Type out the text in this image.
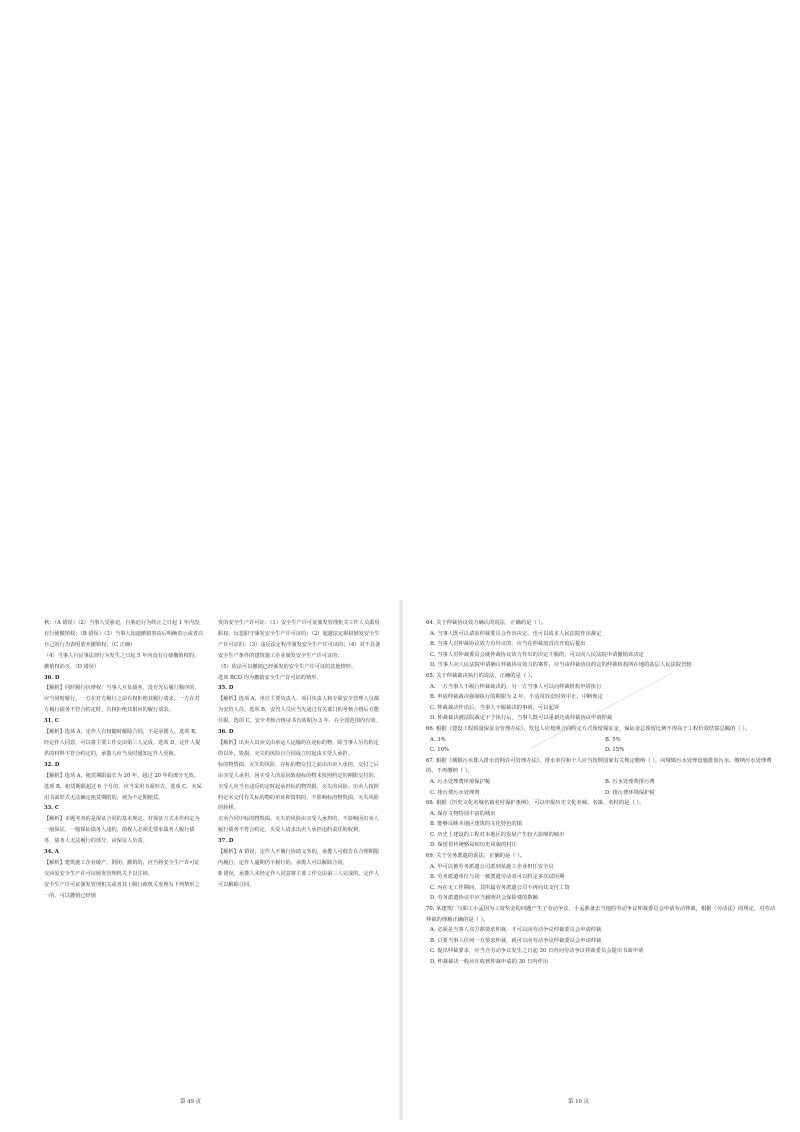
秋：（A 错误）（2）当事人受胁迫，自胁迫行为终止之日起 1 年内没有行使撤销权；（B 错误）（3）当事人知道撤销事由后明确表示或者以自己的行为表明放弃撤销权；（C 正确）

（4）当事人自民事法律行为发生之日起 5 年内没有行使撤销权的，撤销权消灭。（D 错误）

30. D

【解析】同时履行抗辩权：当事人互负债务，没有先后履行顺序的，应当同时履行。一方在对方履行之前有权拒绝其履行请求。一方在对方履行债务不符合约定时，有权拒绝其相应的履行请求。

31. C

【解析】选项 A，定作人有权随时解除合同，不是承揽人。选项 B，经定作人同意，可以将主要工作交由第三人完成。选项 D，定作人提供的材料不符合约定的，承揽人应当及时通知定作人更换。

32. D

【解析】选项 A，租赁期限最长为 20 年，超过 20 年的部分无效。选项 B，租赁期限超过 6 个月的，应当采用书面形式。选项 C，未采用书面形式无法确定租赁期限的，视为不定期租赁。

33. C

【解析】本题考查的是保证合同的基本规定。对保证方式未作约定为一般保证。一般保证债务人违约，债权人必须先要求债务人履行债务，债务人无法履行的部分，由保证人负责。

34. A

【解析】建筑施工企业破产、倒闭、撤销的，应当将安全生产许可证交回原安全生产许可证颁发管理机关予以注销。

安全生产许可证颁发管理机关或者其上级行政机关发现有下列情形之一的，可以撤销已经颁

发的安全生产许可证：（1）安全生产许可证颁发管理机关工作人员滥用职权、玩忽职守颁发安全生产许可证的；（2）超越法定职权颁发安全生产许可证的；（3）违反法定程序颁发安全生产许可证的；（4）对不具备安全生产条件的建筑施工企业颁发安全生产许可证的；

（5）依法可以撤销已经颁发的安全生产许可证的其他情形。

选项 BCD 均为撤销安全生产许可证的情形。

35. D

【解析】选项 A，单位主要负责人、项目负责人和专职安全管理人员都为安管人员。选项 B，安管人员应当先通过有关部门的考核合格后方能任职。选项 C，安全考核合格证书有效期为 3 年，在全国范围内有效。

36. D

【解析】出卖人出卖交由承运人运输的在途标的物，除当事人另有约定的以外，毁损、灭失的风险自合同成立时起由买受人承担。

标的物毁损、灭失的风险，在标的物交付之前由出卖人承担，交付之后由买受人承担。因买受人的原因致使标的物未按照约定的期限交付的，买受人应当自违反约定时起承担标的物毁损、灭失的风险。出卖人按照约定未交付有关标的物的单证和资料的，不影响标的物毁损、灭失风险的转移。

买卖合同中标的物毁损、灭失的风险由买受人承担的，不影响因出卖人履行债务不符合约定，买受人请求出卖人承担违约责任的权利。

37. D

【解析】A 错误，定作人不履行协助义务的，承揽人可催告在合理期限内履行，定作人逾期仍不履行的，承揽人可以解除合同。

B 错误，承揽人未经定作人同意将主要工作交由第三人完成的，定作人可以解除合同。

64. 关于仲裁协议效力确认的说法，正确的是（ ）。

A. 当事人既可以请求仲裁委员会作出决定，也可以请求人民法院作出裁定

B. 当事人对仲裁协议效力有异议的，应当在仲裁庭首次开庭后提出

C. 当事人对仲裁委员会就仲裁协议效力作出的决定不服的，可以向人民法院申请撤销该决定

D. 当事人向人民法院申请确认仲裁协议效力的案件，应当由仲裁协议约定的仲裁机构所在地的基层人民法院管辖

65. 关于仲裁裁决执行的说法，正确的是（ ）。

A. 一方当事人不履行仲裁裁决的，另一方当事人可以向仲裁机构申请执行

B. 申请仲裁裁决强制执行的期限为 2 年，不适用诉讼时效中止、中断规定

C. 仲裁裁决作出后，当事人不服裁决的事项，可以起诉

D. 仲裁裁决被法院裁定不予执行后，当事人既可以重新达成仲裁协议申请仲裁

66. 根据《建设工程质量保证金管理办法》，发包人应按照合同约定方式预留保证金，保证金总预留比例不得高于工程价款结算总额的（ ）。

A. 3%	B. 5%

C. 10%	D. 15%

67. 根据《城镇污水排入排水管网许可管理办法》，排水单位和个人应当按照国家有关规定缴纳（ ）。向城镇污水处理设施排放污水，缴纳污水处理费的，不再缴纳（ ）。

A. 污水处理费环境保护税	B. 污水处理费排污费

C. 排污费污水处理费	D. 排污费环境保护税

68. 根据《历史文化名城名镇名村保护条例》，可以申报历史文化名城、名镇、名村的是（ ）。

A. 保存文物特别丰富的城市

B. 能够反映本地区建筑的文化特色的镇

C. 历史上建设的工程对本地区的发展产生较大影响的城市

D. 保留着传统格局和历史风貌的村庄

69. 关于劳务派遣的说法，正确的是（ ）。

A. 甲可以被劳务派遣公司派到某施工企业担任安全员

B. 劳务派遣单位与同一被派遣劳动者可以约定多次试用期

C. 丙在无工作期间，其所属劳务派遣公司不再向其支付工资

D. 劳务派遣协议中应当载明社会保险费的数额

70. 某建筑厂与职工小孟因为工资奖金的问题产生了劳动争议，小孟准备去当地的劳动争议仲裁委员会申请劳动仲裁，根据《劳动法》的规定，对劳动仲裁的理解正确的是（ ）。

A. 必须是当事人双方都要求仲裁，才可以向劳动争议仲裁委员会申请仲裁

B. 只要当事人任何一方要求仲裁，就可以向劳动争议仲裁委员会申请仲裁

C. 提出仲裁要求，应当自劳动争议发生之日起 30 日内向劳动争议仲裁委员会提出书面申请

D. 仲裁裁决一般应在收到仲裁申请的 30 日内作出

第 49 页	第 10 页
